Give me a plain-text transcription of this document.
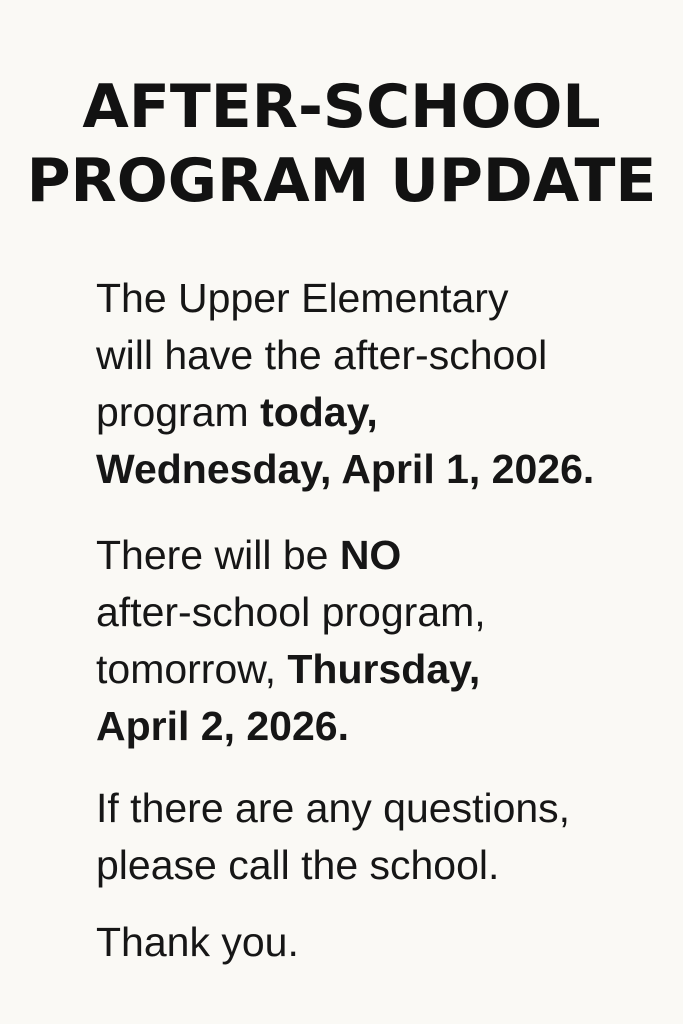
AFTER-SCHOOL
PROGRAM UPDATE
The Upper Elementary
will have the after-school
program today,
Wednesday, April 1, 2026.
There will be NO
after-school program,
tomorrow, Thursday,
April 2, 2026.
If there are any questions,
please call the school.
Thank you.
